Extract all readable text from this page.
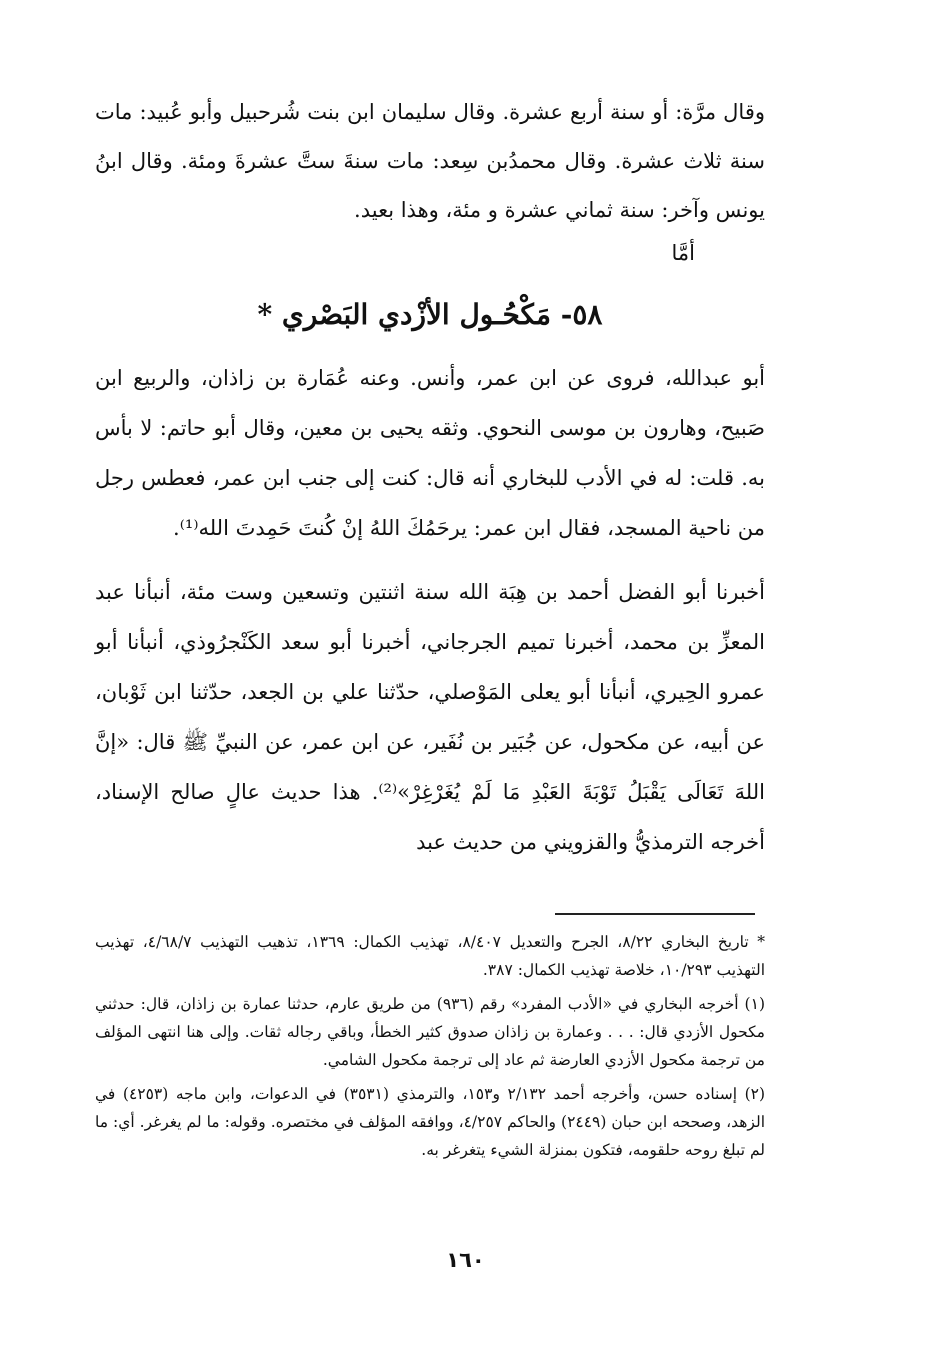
وقال مرَّة: أو سنة أربع عشرة. وقال سليمان ابن بنت شُرحبيل وأبو عُبيد: مات سنة ثلاث عشرة. وقال محمدُبن سِعد: مات سنةَ ستَّ عشرةَ ومئة. وقال ابنُ يونس وآخر: سنة ثماني عشرة و مئة، وهذا بعيد.

أمَّا
٥٨- مَكْحُـول الأزْدي البَصْري *

أبو عبدالله، فروى عن ابن عمر، وأنس. وعنه عُمَارة بن زاذان، والربيع ابن صَبيح، وهارون بن موسى النحوي. وثقه يحيى بن معين، وقال أبو حاتم: لا بأس به. قلت: له في الأدب للبخاري أنه قال: كنت إلى جنب ابن عمر، فعطس رجل من ناحية المسجد، فقال ابن عمر: يرحَمُكَ اللهُ إنْ كُنتَ حَمِدتَ الله⁽¹⁾.

أخبرنا أبو الفضل أحمد بن هِبَة الله سنة اثنتين وتسعين وست مئة، أنبأنا عبد المعزِّ بن محمد، أخبرنا تميم الجرجاني، أخبرنا أبو سعد الكَنْجرُوذي، أنبأنا أبو عمرو الحِيري، أنبأنا أبو يعلى المَوْصلي، حدّثنا علي بن الجعد، حدّثنا ابن ثَوْبان، عن أبيه، عن مكحول، عن جُبَير بن نُفَير، عن ابن عمر، عن النبيِّ ﷺ قال: «إنَّ اللهَ تَعَالَى يَقْبَلُ تَوْبَةَ العَبْدِ مَا لَمْ يُغَرْغِرْ»⁽²⁾. هذا حديث عالٍ صالح الإسناد، أخرجه الترمذيُّ والقزويني من حديث عبد

* تاريخ البخاري ٨/٢٢، الجرح والتعديل ٨/٤٠٧، تهذيب الكمال: ١٣٦٩، تذهيب التهذيب ٤/٦٨/٧، تهذيب التهذيب ١٠/٢٩٣، خلاصة تهذيب الكمال: ٣٨٧.

(١) أخرجه البخاري في «الأدب المفرد» رقم (٩٣٦) من طريق عارم، حدثنا عمارة بن زاذان، قال: حدثني مكحول الأزدي قال: . . . وعمارة بن زاذان صدوق كثير الخطأ، وباقي رجاله ثقات. وإلى هنا انتهى المؤلف من ترجمة مكحول الأزدي العارضة ثم عاد إلى ترجمة مكحول الشامي.

(٢) إسناده حسن، وأخرجه أحمد ٢/١٣٢ و١٥٣، والترمذي (٣٥٣١) في الدعوات، وابن ماجه (٤٢٥٣) في الزهد، وصححه ابن حبان (٢٤٤٩) والحاكم ٤/٢٥٧، ووافقه المؤلف في مختصره. وقوله: ما لم يغرغر. أي: ما لم تبلغ روحه حلقومه، فتكون بمنزلة الشيء يتغرغر به.

١٦٠
